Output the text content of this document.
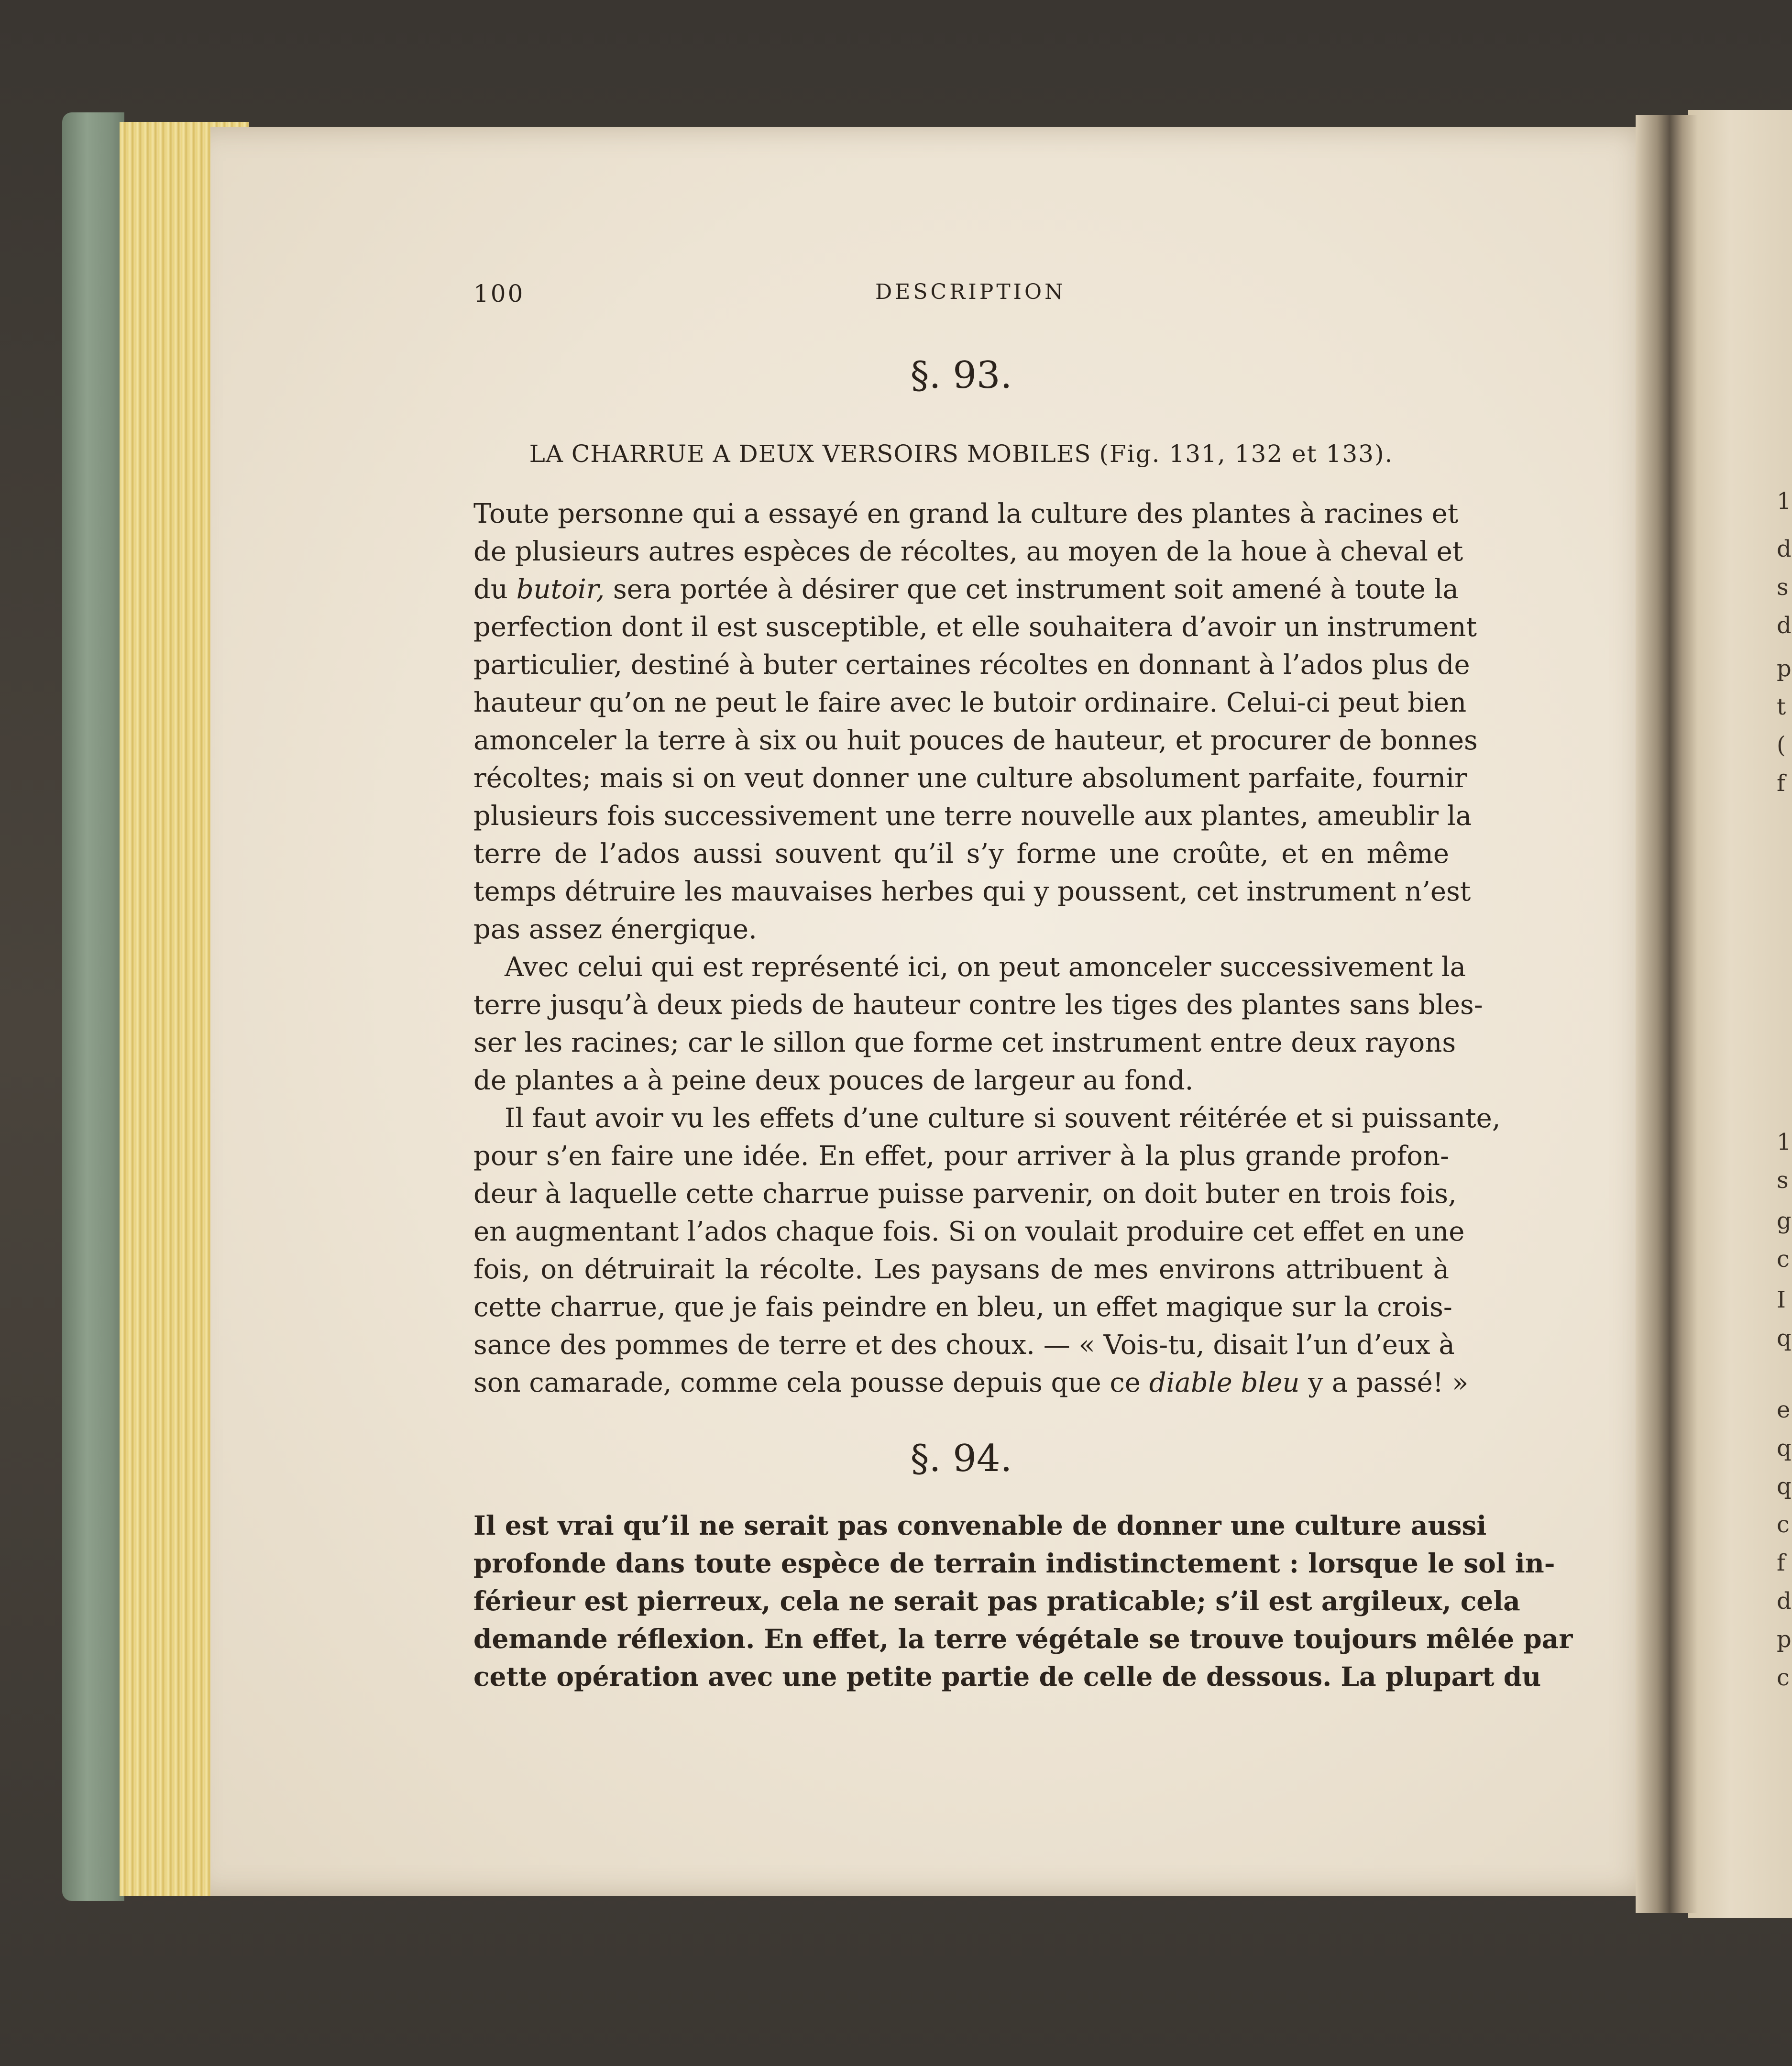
1
d
s
d
p
t
(
f
1
s
g
c
I
q
e
q
q
c
f
d
p
c
100	DESCRIPTION
§. 93.
LA CHARRUE A DEUX VERSOIRS MOBILES (Fig. 131, 132 et 133).
Toute personne qui a essayé en grand la culture des plantes à racines et
de plusieurs autres espèces de récoltes, au moyen de la houe à cheval et
du butoir, sera portée à désirer que cet instrument soit amené à toute la
perfection dont il est susceptible, et elle souhaitera d’avoir un instrument
particulier, destiné à buter certaines récoltes en donnant à l’ados plus de
hauteur qu’on ne peut le faire avec le butoir ordinaire. Celui-ci peut bien
amonceler la terre à six ou huit pouces de hauteur, et procurer de bonnes
récoltes; mais si on veut donner une culture absolument parfaite, fournir
plusieurs fois successivement une terre nouvelle aux plantes, ameublir la
terre de l’ados aussi souvent qu’il s’y forme une croûte, et en même
temps détruire les mauvaises herbes qui y poussent, cet instrument n’est
pas assez énergique.
Avec celui qui est représenté ici, on peut amonceler successivement la
terre jusqu’à deux pieds de hauteur contre les tiges des plantes sans bles-
ser les racines; car le sillon que forme cet instrument entre deux rayons
de plantes a à peine deux pouces de largeur au fond.
Il faut avoir vu les effets d’une culture si souvent réitérée et si puissante,
pour s’en faire une idée. En effet, pour arriver à la plus grande profon-
deur à laquelle cette charrue puisse parvenir, on doit buter en trois fois,
en augmentant l’ados chaque fois. Si on voulait produire cet effet en une
fois, on détruirait la récolte. Les paysans de mes environs attribuent à
cette charrue, que je fais peindre en bleu, un effet magique sur la crois-
sance des pommes de terre et des choux. — « Vois-tu, disait l’un d’eux à
son camarade, comme cela pousse depuis que ce diable bleu y a passé! »
§. 94.
Il est vrai qu’il ne serait pas convenable de donner une culture aussi
profonde dans toute espèce de terrain indistinctement : lorsque le sol in-
férieur est pierreux, cela ne serait pas praticable; s’il est argileux, cela
demande réflexion. En effet, la terre végétale se trouve toujours mêlée par
cette opération avec une petite partie de celle de dessous. La plupart du
